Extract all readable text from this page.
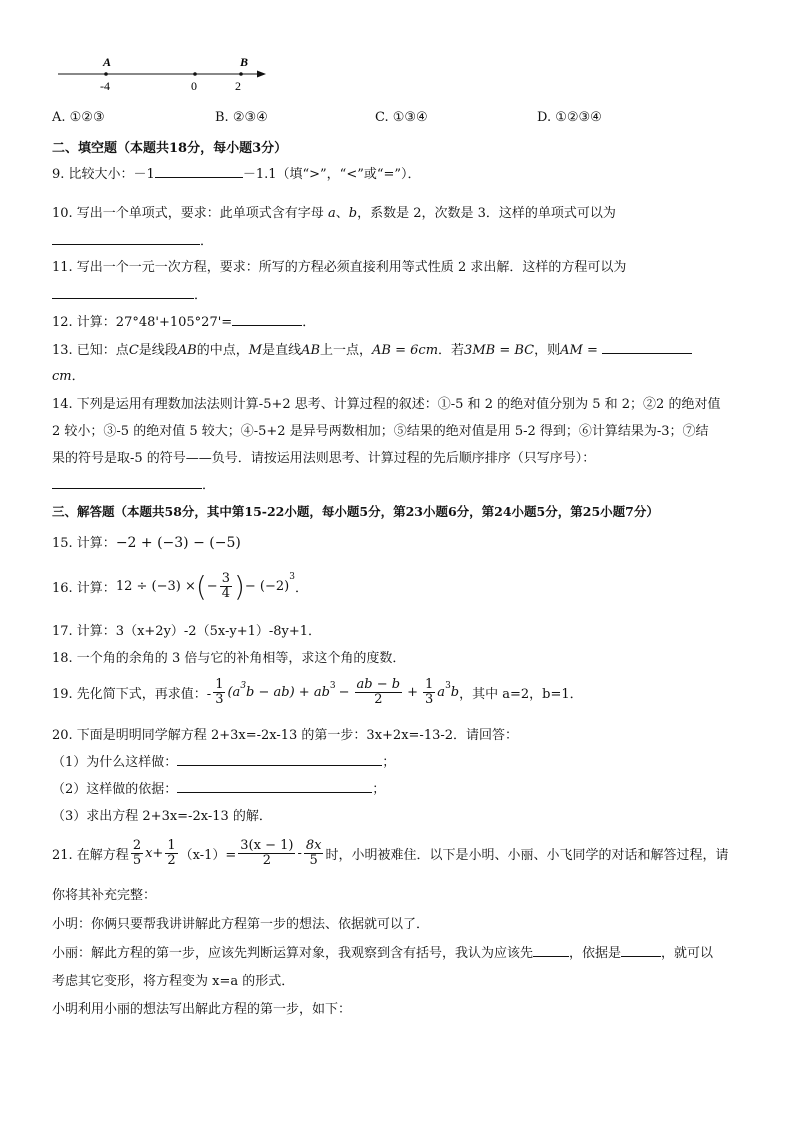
A	B
-4	0	2
A. ①②③	B. ②③④	C. ①③④	D. ①②③④
二、填空题（本题共18分，每小题3分）
9. 比较大小：－1	－1.1（填“>”，“<”或“=”）．
10. 写出一个单项式，要求：此单项式含有字母 a、b，系数是 2，次数是 3．这样的单项式可以为
．
11. 写出一个一元一次方程，要求：所写的方程必须直接利用等式性质 2 求出解．这样的方程可以为
．
12. 计算：27°48'+105°27'=	．
13. 已知：点C是线段AB的中点，M是直线AB上一点，AB = 6cm．若3MB = BC，则AM =
cm．
14. 下列是运用有理数加法法则计算-5+2 思考、计算过程的叙述：①-5 和 2 的绝对值分别为 5 和 2；②2 的绝对值
2 较小；③-5 的绝对值 5 较大；④-5+2 是异号两数相加；⑤结果的绝对值是用 5-2 得到；⑥计算结果为-3；⑦结
果的符号是取-5 的符号——负号．请按运用法则思考、计算过程的先后顺序排序（只写序号）：
．
三、解答题（本题共58分，其中第15-22小题，每小题5分，第23小题6分，第24小题5分，第25小题7分）
15. 计算：−2 + (−3) − (−5)
16. 计算： 12 ÷ (−3) × ( − $\frac{3}{4}$ ) − (−2)
$^3$
．
17. 计算：3（x+2y）-2（5x-y+1）-8y+1．
18. 一个角的余角的 3 倍与它的补角相等，求这个角的度数．
19. 先化简下式，再求值：- $\frac{1}{3} (a^3$ $b - ab) + ab^3 - \frac{ab - b}{2} + \frac{1}{3} a^3$ b ，其中 a=2，b=1．
20. 下面是明明同学解方程 2+3x=-2x-13 的第一步：3x+2x=-13-2．请回答：
（1）为什么这样做：	；
（2）这样做的依据：	；
（3）求出方程 2+3x=-2x-13 的解．
21. 在解方程 $\frac{2}{5} x+ \frac{1}{2} (x-1)= \frac{3(x - 1)}{2} - \frac{8x}{5}$ 时，小明被难住．以下是小明、小丽、小飞同学的对话和解答过程，请
你将其补充完整：
小明：你俩只要帮我讲讲解此方程第一步的想法、依据就可以了．
小丽：解此方程的第一步，应该先判断运算对象，我观察到含有括号，我认为应该先	，依据是	，就可以
考虑其它变形，将方程变为 x=a 的形式．
小明利用小丽的想法写出解此方程的第一步，如下：
